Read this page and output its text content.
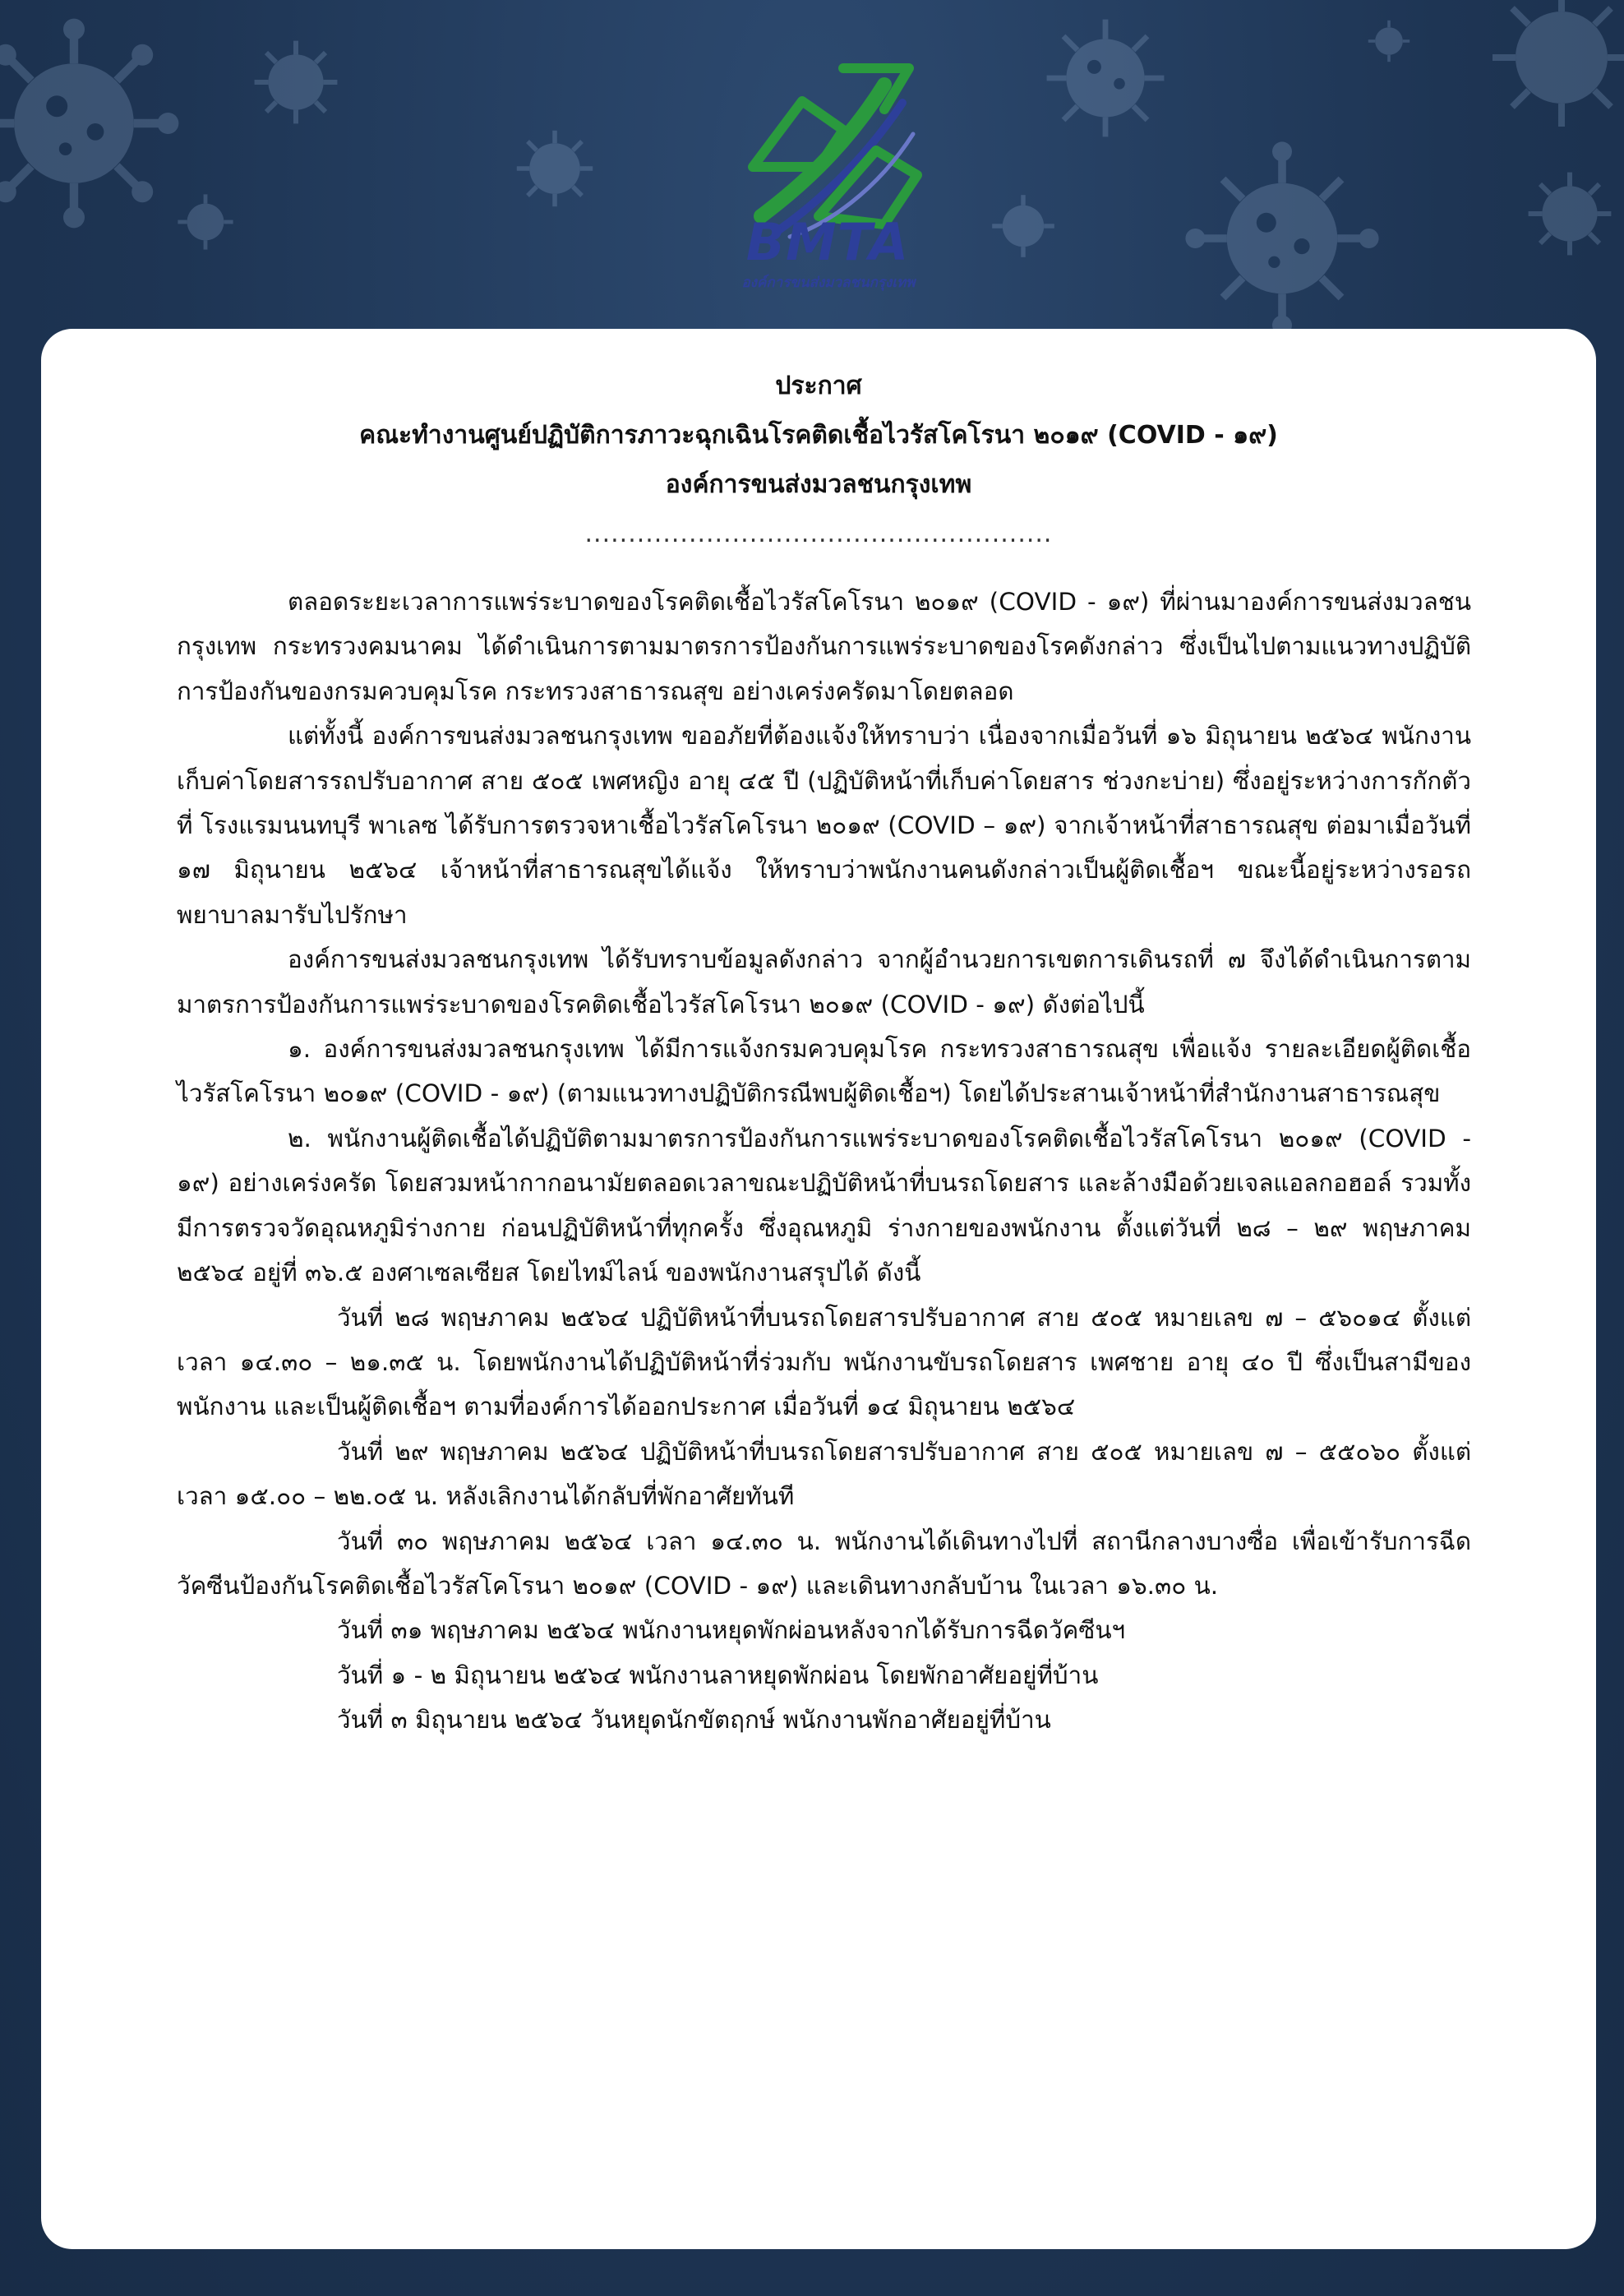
BMTA
องค์การขนส่งมวลชนกรุงเทพ
ประกาศ
คณะทำงานศูนย์ปฏิบัติการภาวะฉุกเฉินโรคติดเชื้อไวรัสโคโรนา ๒๐๑๙ (COVID - ๑๙)
องค์การขนส่งมวลชนกรุงเทพ
......................................................

ตลอดระยะเวลาการแพร่ระบาดของโรคติดเชื้อไวรัสโคโรนา ๒๐๑๙ (COVID - ๑๙) ที่ผ่านมาองค์การขนส่งมวลชนกรุงเทพ กระทรวงคมนาคม ได้ดำเนินการตามมาตรการป้องกันการแพร่ระบาดของโรคดังกล่าว ซึ่งเป็นไปตามแนวทางปฏิบัติการป้องกันของกรมควบคุมโรค กระทรวงสาธารณสุข อย่างเคร่งครัดมาโดยตลอด

แต่ทั้งนี้ องค์การขนส่งมวลชนกรุงเทพ ขออภัยที่ต้องแจ้งให้ทราบว่า เนื่องจากเมื่อวันที่ ๑๖ มิถุนายน ๒๕๖๔ พนักงานเก็บค่าโดยสารรถปรับอากาศ สาย ๕๐๕ เพศหญิง อายุ ๔๕ ปี (ปฏิบัติหน้าที่เก็บค่าโดยสาร ช่วงกะบ่าย) ซึ่งอยู่ระหว่างการกักตัวที่ โรงแรมนนทบุรี พาเลซ ได้รับการตรวจหาเชื้อไวรัสโคโรนา ๒๐๑๙ (COVID – ๑๙) จากเจ้าหน้าที่สาธารณสุข ต่อมาเมื่อวันที่ ๑๗ มิถุนายน ๒๕๖๔ เจ้าหน้าที่สาธารณสุขได้แจ้ง ให้ทราบว่าพนักงานคนดังกล่าวเป็นผู้ติดเชื้อฯ ขณะนี้อยู่ระหว่างรอรถพยาบาลมารับไปรักษา

องค์การขนส่งมวลชนกรุงเทพ ได้รับทราบข้อมูลดังกล่าว จากผู้อำนวยการเขตการเดินรถที่ ๗ จึงได้ดำเนินการตามมาตรการป้องกันการแพร่ระบาดของโรคติดเชื้อไวรัสโคโรนา ๒๐๑๙ (COVID - ๑๙) ดังต่อไปนี้

๑. องค์การขนส่งมวลชนกรุงเทพ ได้มีการแจ้งกรมควบคุมโรค กระทรวงสาธารณสุข เพื่อแจ้ง รายละเอียดผู้ติดเชื้อไวรัสโคโรนา ๒๐๑๙ (COVID - ๑๙) (ตามแนวทางปฏิบัติกรณีพบผู้ติดเชื้อฯ) โดยได้ประสานเจ้าหน้าที่สำนักงานสาธารณสุข

๒. พนักงานผู้ติดเชื้อได้ปฏิบัติตามมาตรการป้องกันการแพร่ระบาดของโรคติดเชื้อไวรัสโคโรนา ๒๐๑๙ (COVID - ๑๙) อย่างเคร่งครัด โดยสวมหน้ากากอนามัยตลอดเวลาขณะปฏิบัติหน้าที่บนรถโดยสาร และล้างมือด้วยเจลแอลกอฮอล์ รวมทั้ง มีการตรวจวัดอุณหภูมิร่างกาย ก่อนปฏิบัติหน้าที่ทุกครั้ง ซึ่งอุณหภูมิ ร่างกายของพนักงาน ตั้งแต่วันที่ ๒๘ – ๒๙ พฤษภาคม ๒๕๖๔ อยู่ที่ ๓๖.๕ องศาเซลเซียส โดยไทม์ไลน์ ของพนักงานสรุปได้ ดังนี้

วันที่ ๒๘ พฤษภาคม ๒๕๖๔ ปฏิบัติหน้าที่บนรถโดยสารปรับอากาศ สาย ๕๐๕ หมายเลข ๗ – ๕๖๐๑๔ ตั้งแต่เวลา ๑๔.๓๐ – ๒๑.๓๕ น. โดยพนักงานได้ปฏิบัติหน้าที่ร่วมกับ พนักงานขับรถโดยสาร เพศชาย อายุ ๔๐ ปี ซึ่งเป็นสามีของพนักงาน และเป็นผู้ติดเชื้อฯ ตามที่องค์การได้ออกประกาศ เมื่อวันที่ ๑๔ มิถุนายน ๒๕๖๔

วันที่ ๒๙ พฤษภาคม ๒๕๖๔ ปฏิบัติหน้าที่บนรถโดยสารปรับอากาศ สาย ๕๐๕ หมายเลข ๗ – ๕๕๐๖๐ ตั้งแต่เวลา ๑๕.๐๐ – ๒๒.๐๕ น. หลังเลิกงานได้กลับที่พักอาศัยทันที

วันที่ ๓๐ พฤษภาคม ๒๕๖๔ เวลา ๑๔.๓๐ น. พนักงานได้เดินทางไปที่ สถานีกลางบางซื่อ เพื่อเข้ารับการฉีดวัคซีนป้องกันโรคติดเชื้อไวรัสโคโรนา ๒๐๑๙ (COVID - ๑๙) และเดินทางกลับบ้าน ในเวลา ๑๖.๓๐ น.

วันที่ ๓๑ พฤษภาคม ๒๕๖๔ พนักงานหยุดพักผ่อนหลังจากได้รับการฉีดวัคซีนฯ

วันที่ ๑ - ๒ มิถุนายน ๒๕๖๔ พนักงานลาหยุดพักผ่อน โดยพักอาศัยอยู่ที่บ้าน

วันที่ ๓ มิถุนายน ๒๕๖๔ วันหยุดนักขัตฤกษ์ พนักงานพักอาศัยอยู่ที่บ้าน
